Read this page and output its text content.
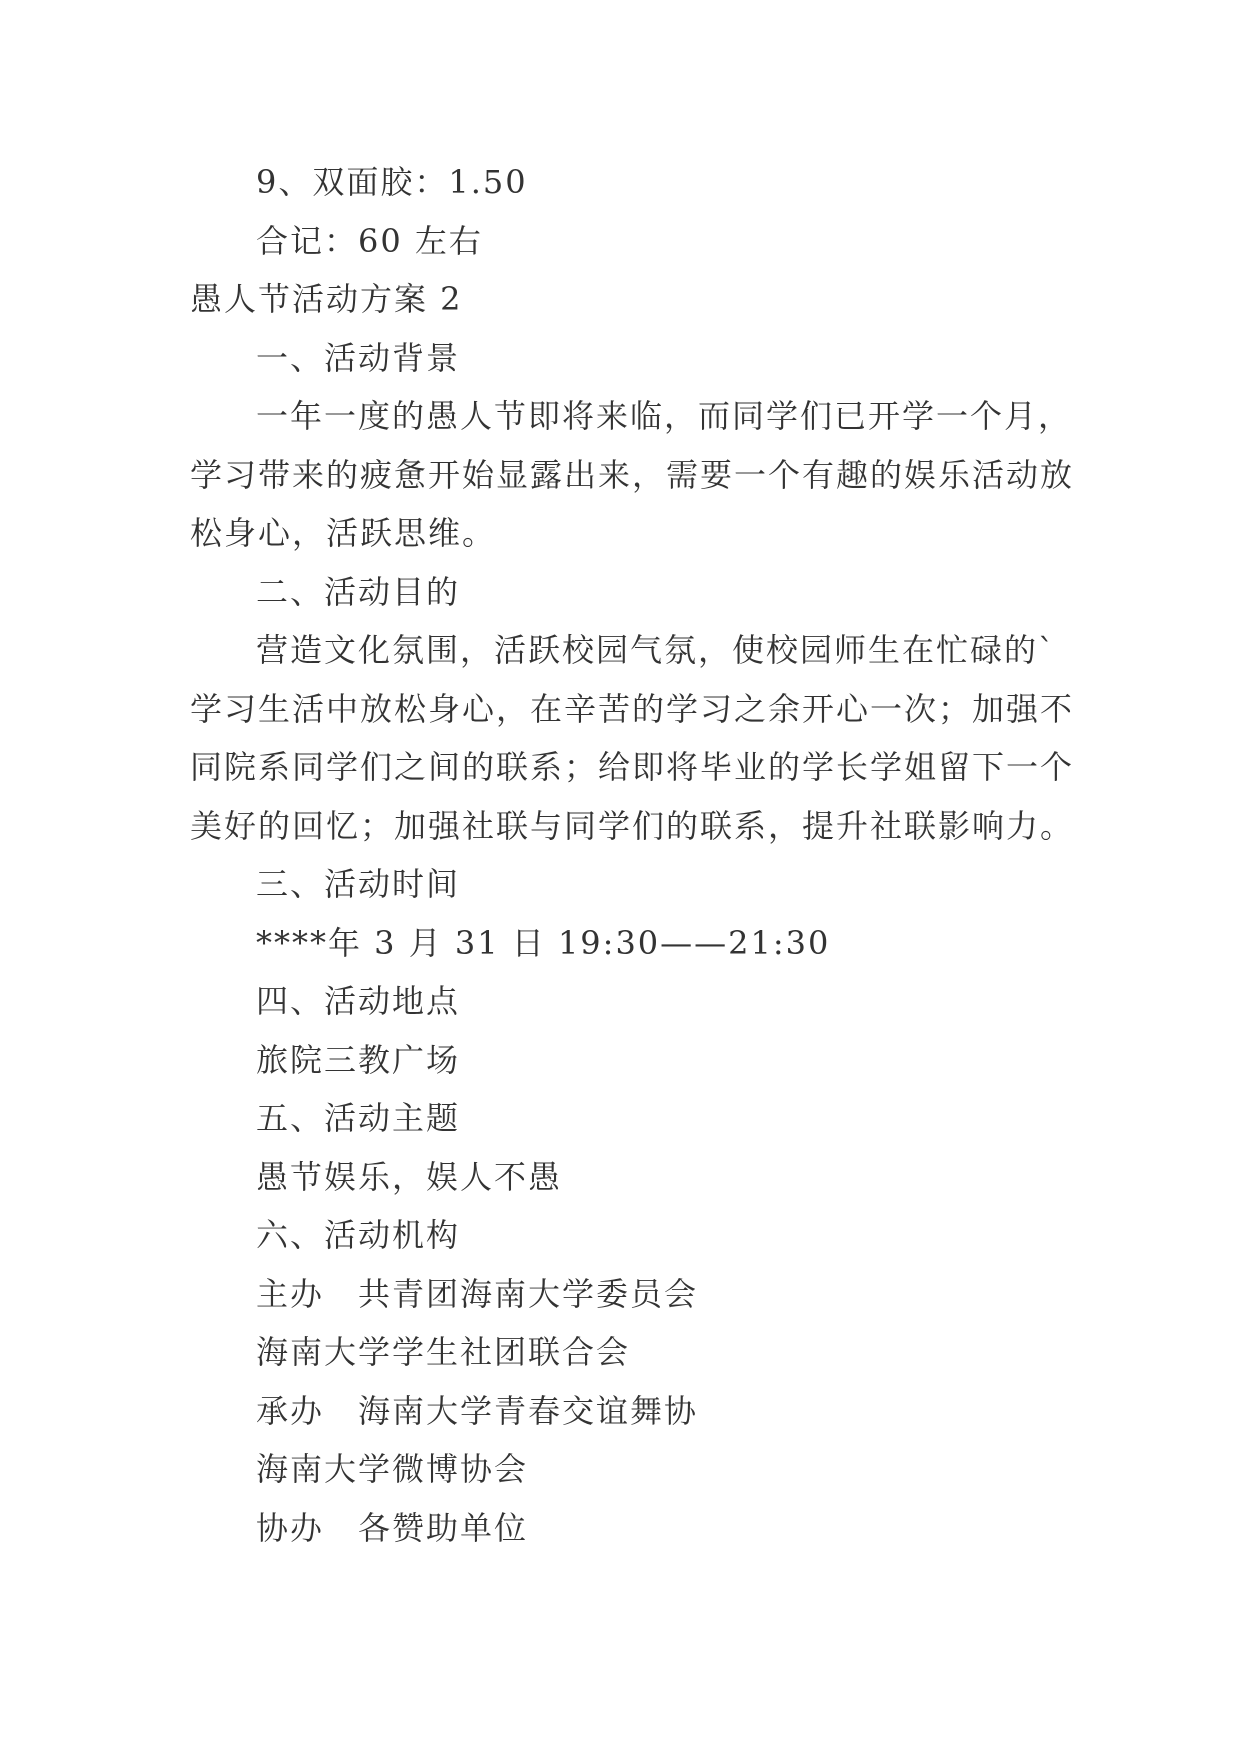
9、双面胶：1.50
合记：60 左右
愚人节活动方案 2
一、活动背景
一年一度的愚人节即将来临，而同学们已开学一个月，
学习带来的疲惫开始显露出来，需要一个有趣的娱乐活动放
松身心，活跃思维。
二、活动目的
营造文化氛围，活跃校园气氛，使校园师生在忙碌的`
学习生活中放松身心，在辛苦的学习之余开心一次；加强不
同院系同学们之间的联系；给即将毕业的学长学姐留下一个
美好的回忆；加强社联与同学们的联系，提升社联影响力。
三、活动时间
****年 3 月 31 日 19:30——21:30
四、活动地点
旅院三教广场
五、活动主题
愚节娱乐，娱人不愚
六、活动机构
主办　共青团海南大学委员会
海南大学学生社团联合会
承办　海南大学青春交谊舞协
海南大学微博协会
协办　各赞助单位
